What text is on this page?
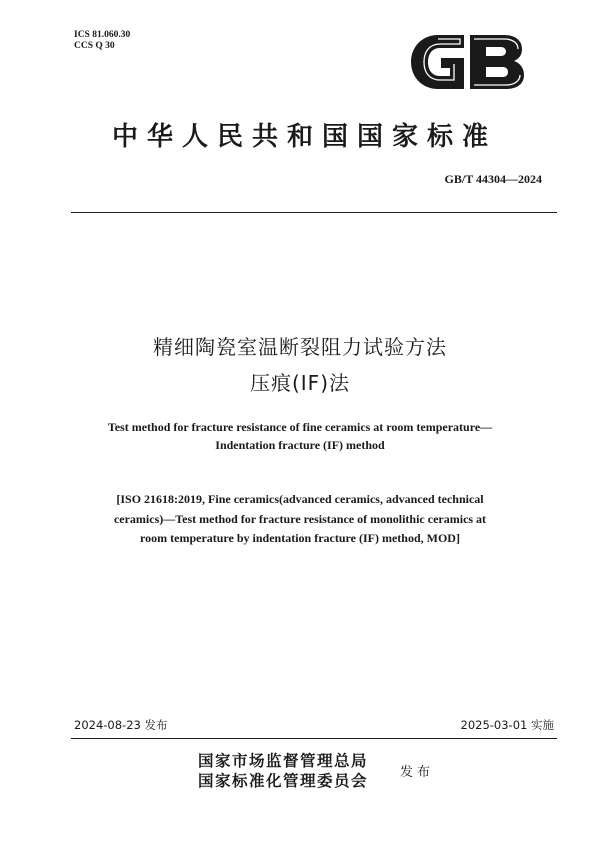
ICS 81.060.30
CCS Q 30
中华人民共和国国家标准
GB/T 44304—2024
精细陶瓷室温断裂阻力试验方法
压痕(IF)法
Test method for fracture resistance of fine ceramics at room temperature—
Indentation fracture (IF) method
[ISO 21618:2019, Fine ceramics(advanced ceramics, advanced technical
ceramics)—Test method for fracture resistance of monolithic ceramics at
room temperature by indentation fracture (IF) method, MOD]
2024-08-23 发布	2025-03-01 实施
国家市场监督管理总局
国家标准化管理委员会 发布
